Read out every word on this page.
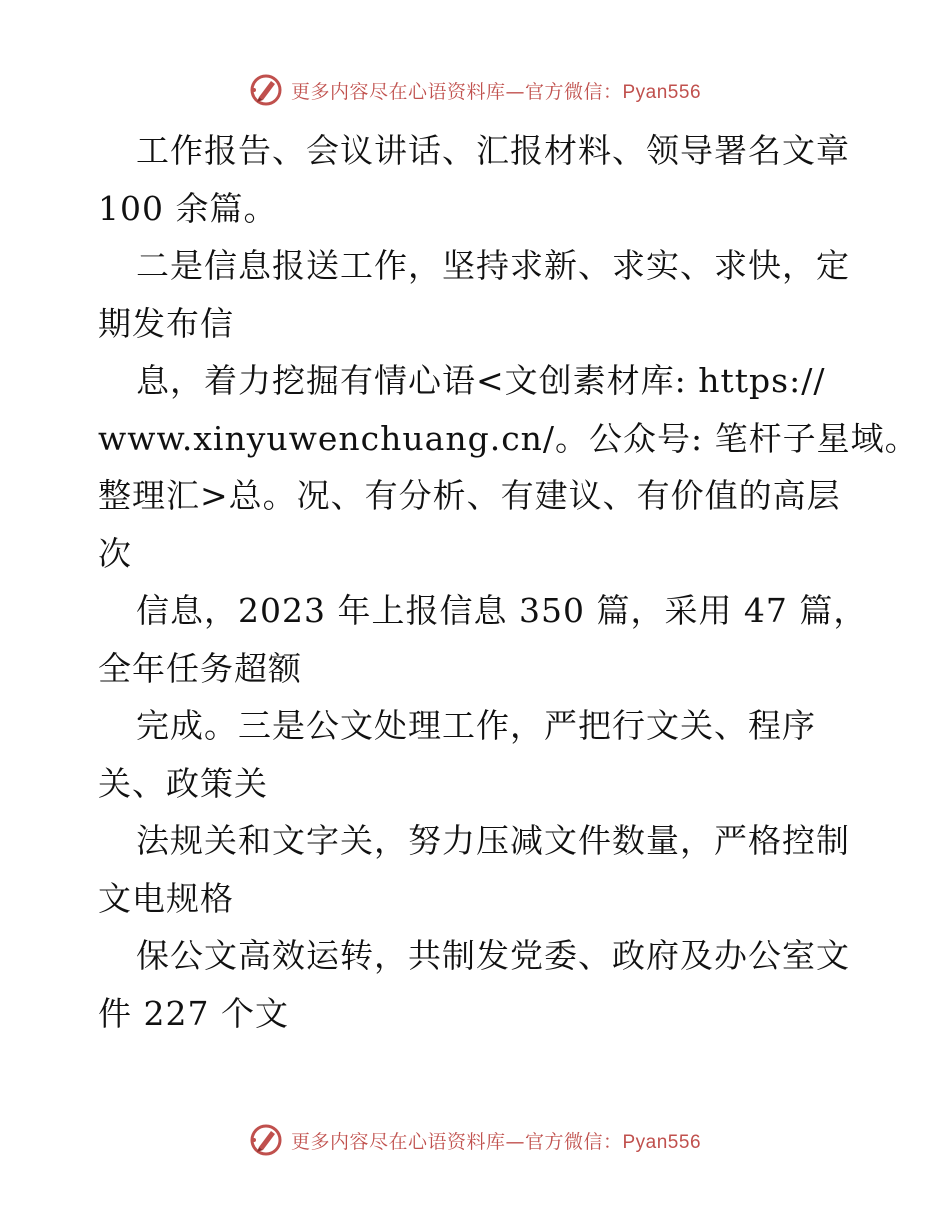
更多内容尽在心语资料库—官方微信：Pyan556
工作报告、会议讲话、汇报材料、领导署名文章
100 余篇。
二是信息报送工作，坚持求新、求实、求快，定
期发布信
息，着力挖掘有情心语<文创素材库: https://
www.xinyuwenchuang.cn/。公众号: 笔杆子星域。
整理汇>总。况、有分析、有建议、有价值的高层
次
信息，2023 年上报信息 350 篇，采用 47 篇，
全年任务超额
完成。三是公文处理工作，严把行文关、程序
关、政策关
法规关和文字关，努力压减文件数量，严格控制
文电规格
保公文高效运转，共制发党委、政府及办公室文
件 227 个文
更多内容尽在心语资料库—官方微信：Pyan556
